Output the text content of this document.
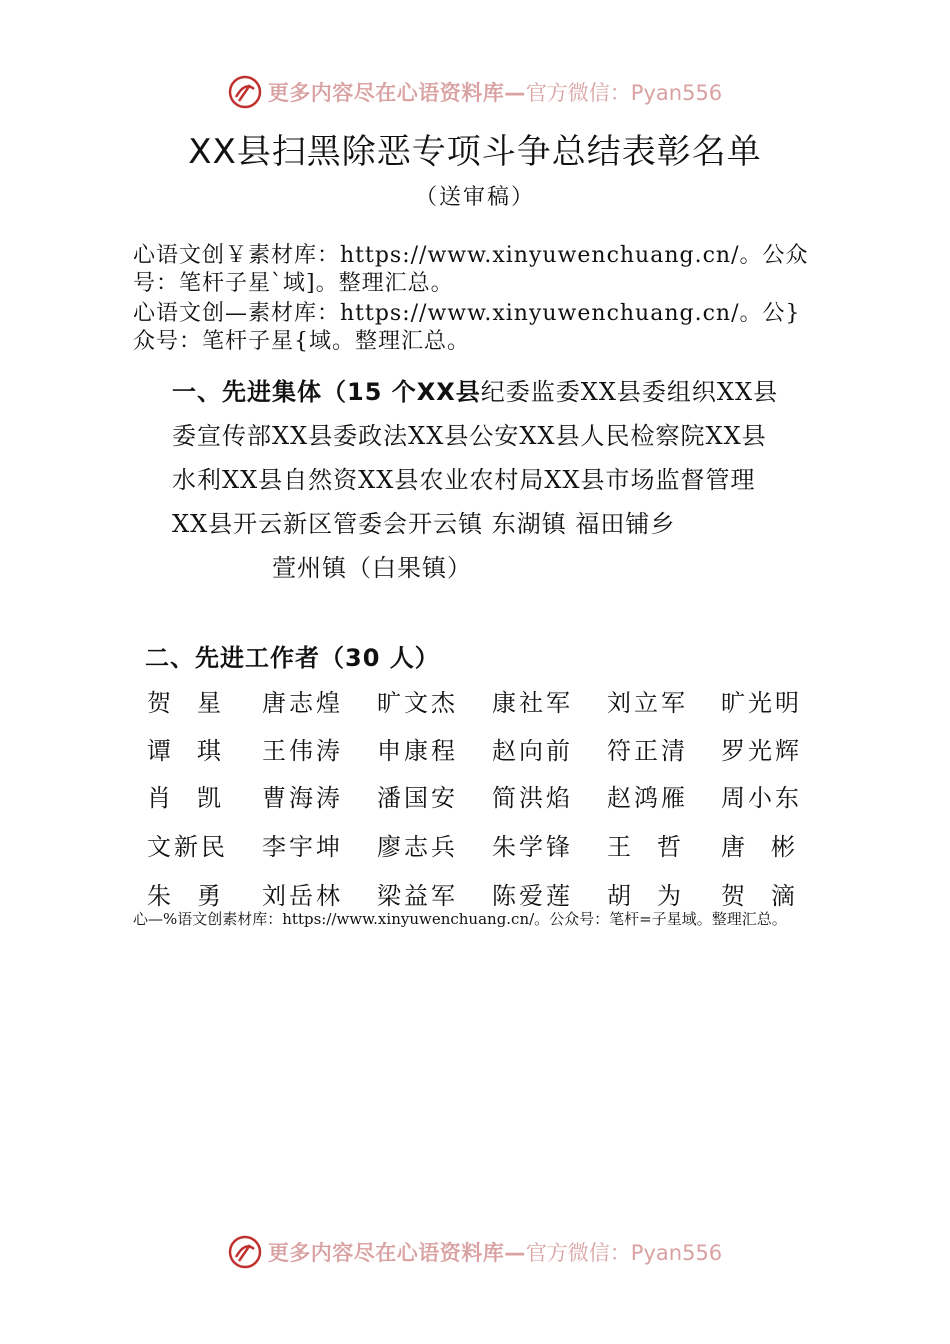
更多内容尽在心语资料库— 官方微信：Pyan556
XX县扫黑除恶专项斗争总结表彰名单
（送审稿）
心语文创￥素材库：https://www.xinyuwenchuang.cn/。公众号：笔杆子星`域]。整理汇总。
心语文创—素材库：https://www.xinyuwenchuang.cn/。公}众号：笔杆子星{域。整理汇总。
一、先进集体（15 个XX县纪委监委XX县委组织XX县
委宣传部XX县委政法XX县公安XX县人民检察院XX县
水利XX县自然资XX县农业农村局XX县市场监督管理
XX县开云新区管委会开云镇 东湖镇 福田铺乡
萱州镇（白果镇）
二、先进工作者（30 人）
贺 星 唐 志 煌 旷 文 杰 康 社 军 刘 立 军 旷 光 明
谭 琪 王 伟 涛 申 康 程 赵 向 前 符 正 清 罗 光 辉
肖 凯 曹 海 涛 潘 国 安 简 洪 焰 赵 鸿 雁 周 小 东
文 新 民 李 宇 坤 廖 志 兵 朱 学 锋 王 哲 唐 彬
朱 勇 刘 岳 林 梁 益 军 陈 爱 莲 胡 为 贺 滴
心—%语文创素材库：https://www.xinyuwenchuang.cn/。公众号：笔杆=子星域。整理汇总。
更多内容尽在心语资料库— 官方微信：Pyan556
